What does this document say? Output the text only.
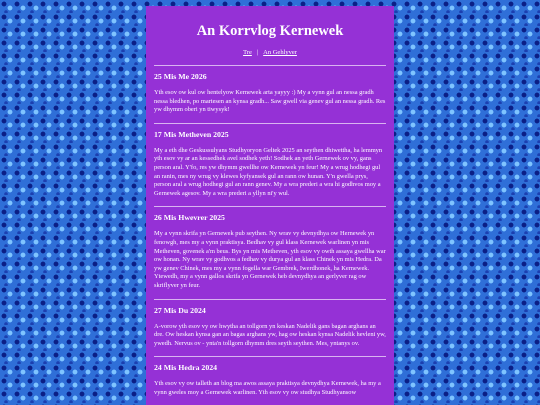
An Korrvlog Kernewek
Tre | An Gehlyver
25 Mis Me 2026
Yth esov ow kul ow hentelyow Kernewek arta yayyy :) My a vynn gul an nessa gradh nessa bledhen, po martesen an kynsa gradh... Saw gwell via genev gul an nessa gradh. Res yw dhymm oberi yn tiwysyk!
17 Mis Metheven 2025
My a eth dhe Geskussulyans Studhyoryon Geltek 2025 an seythen dhiwettha, ha lemmyn yth esov vy ar an kessedhek avel sodhek yeth! Sodhek an yeth Gernewek ov vy, gans person aral. Y'fo, res yw dhymm gwellhe ow Kernewek yn feur! My a wrug hodhegi gul an ranin, mes ny wrug vy klewes kyfyansek gul an rann ow hunan. Y'n gwella prys, person aral a wrug hodhegi gul an rann genev. My a wra prederi a wra hi godhvos moy a Gernewek agesov. My a wra prederi a yllyn ni'y wul.
26 Mis Hwevrer 2025
My a vynn skrifa yn Gernewek pub seythen. Ny wrav vy devnydhya ow Hernewek yn fenowgh, mes my a vynn praktisya. Bedhav vy gul klass Kernewek warlinen yn mis Metheven, govenek a'm beus. Bys yn mis Metheven, yth esov vy owth assaya gwellha war ow honan. Ny wrav vy godhvos a fedhav vy durya gul an klass Chinek yn mis Hedra. Da yw genev Chinek, mes my a vynn fogella war Gembrek, Iwerdhonek, ha Kernewek. Ytewedh, my a vynn gallos skrifa yn Gernewek heb devnydhya an gerlyver rag ow skriflyver yn feur.
27 Mis Du 2024
A-vorow yth esov vy ow hwytha an tollgorn yn keskan Nadelik gans bagan arghans an dre. Ow heskan kynsa gan an bagas arghans yw, hag ow heskan kynsa Nadelik hevleni yw, ywedh. Nervus ov - ynta'n tollgorn dhymm dres seyth seythen. Mes, yntanys ov.
24 Mis Hedra 2024
Yth esov vy ow talleth an blog ma awos assaya praktisya devnydhya Kernewek, ha my a vynn gweles moy a Gernewek warlinen. Yth esov vy ow studhya Studhyansow
